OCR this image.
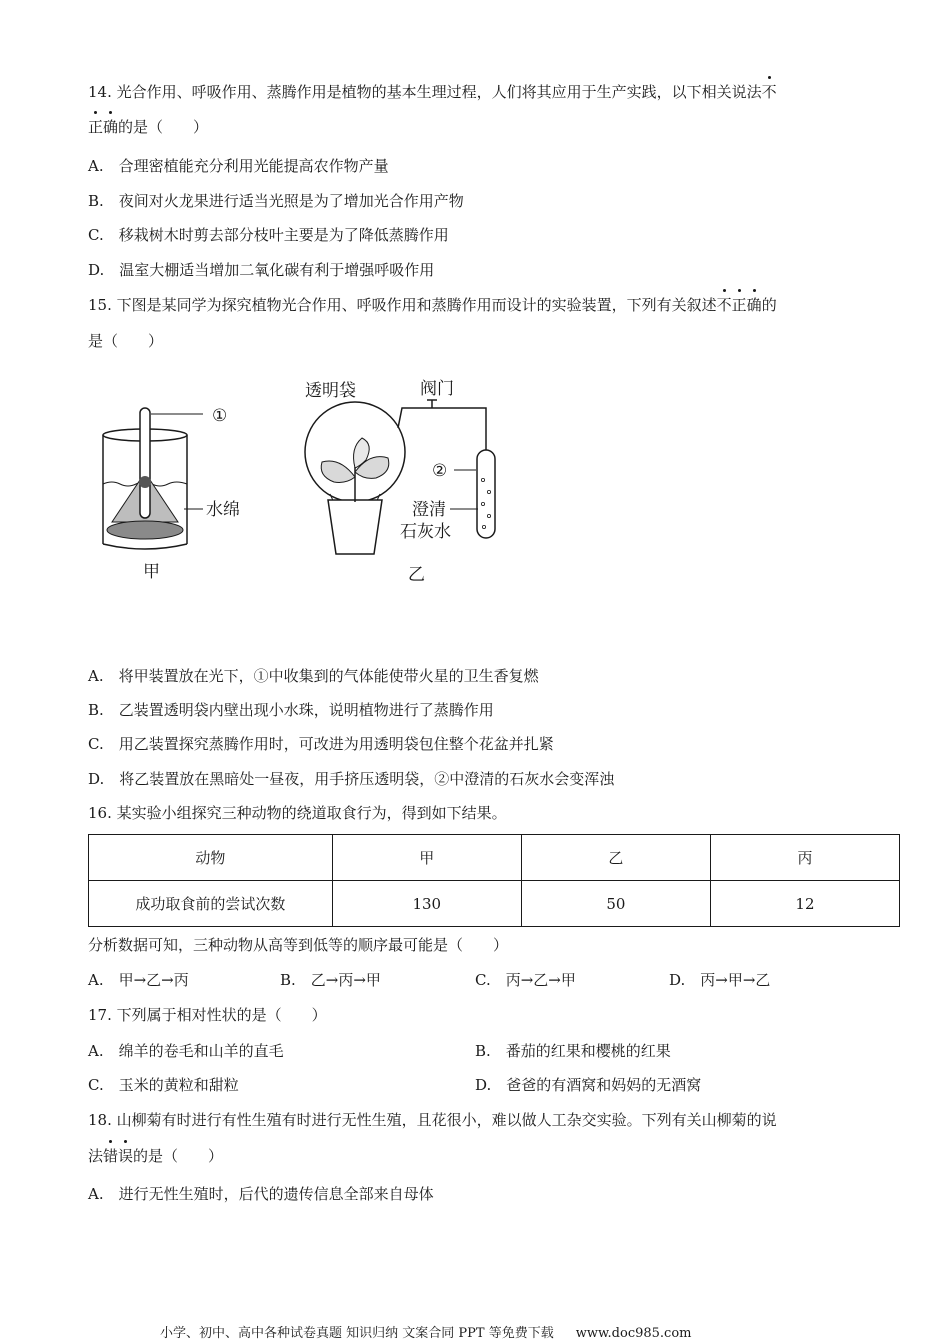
14. 光合作用、呼吸作用、蒸腾作用是植物的基本生理过程，人们将其应用于生产实践，以下相关说法不
正确的是（　　）
A.　合理密植能充分利用光能提高农作物产量
B.　夜间对火龙果进行适当光照是为了增加光合作用产物
C.　移栽树木时剪去部分枝叶主要是为了降低蒸腾作用
D.　温室大棚适当增加二氧化碳有利于增强呼吸作用
15. 下图是某同学为探究植物光合作用、呼吸作用和蒸腾作用而设计的实验装置，下列有关叙述不正确的
是（　　）
①
水绵
甲
透明袋	阀门
②
澄清
石灰水
乙
A.　将甲装置放在光下，①中收集到的气体能使带火星的卫生香复燃
B.　乙装置透明袋内壁出现小水珠，说明植物进行了蒸腾作用
C.　用乙装置探究蒸腾作用时，可改进为用透明袋包住整个花盆并扎紧
D.　将乙装置放在黑暗处一昼夜，用手挤压透明袋，②中澄清的石灰水会变浑浊
16. 某实验小组探究三种动物的绕道取食行为，得到如下结果。
动物	甲	乙	丙
成功取食前的尝试次数	130	50	12
分析数据可知，三种动物从高等到低等的顺序最可能是（　　）
A.　甲→乙→丙	B.　乙→丙→甲	C.　丙→乙→甲	D.　丙→甲→乙
17. 下列属于相对性状的是（　　）
A.　绵羊的卷毛和山羊的直毛	B.　番茄的红果和樱桃的红果
C.　玉米的黄粒和甜粒	D.　爸爸的有酒窝和妈妈的无酒窝
18. 山柳菊有时进行有性生殖有时进行无性生殖，且花很小，难以做人工杂交实验。下列有关山柳菊的说
法错误的是（　　）
A.　进行无性生殖时，后代的遗传信息全部来自母体
小学、初中、高中各种试卷真题 知识归纳 文案合同 PPT 等免费下载 www.doc985.com
